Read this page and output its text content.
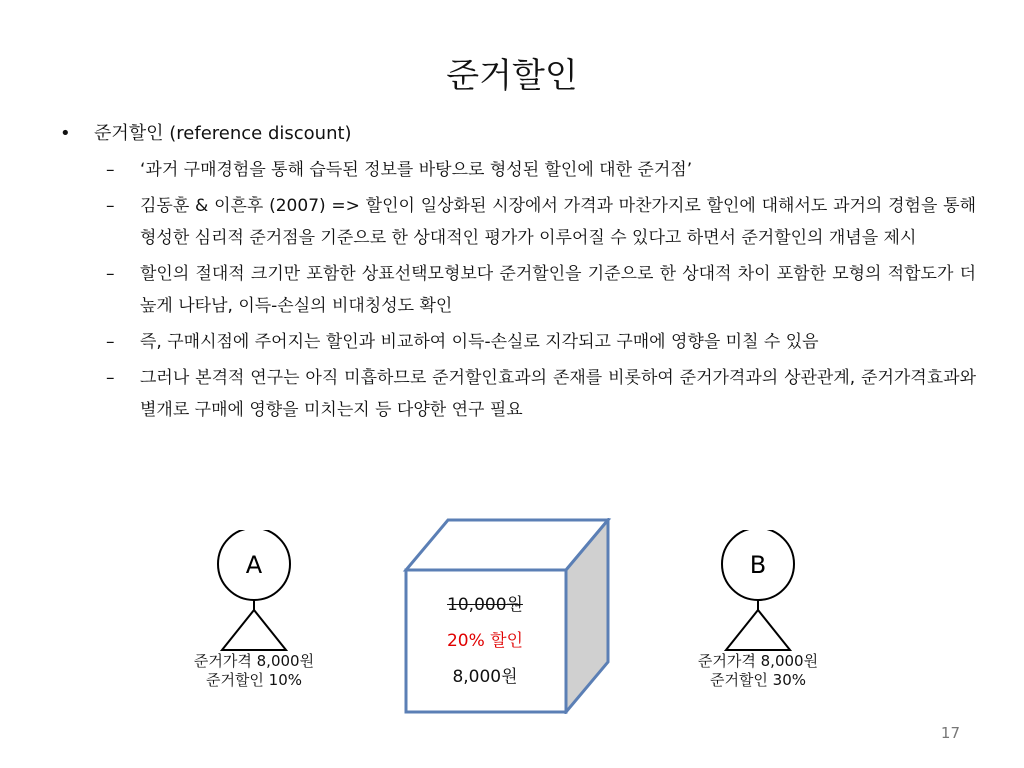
준거할인
• 준거할인 (reference discount)
– ‘과거 구매경험을 통해 습득된 정보를 바탕으로 형성된 할인에 대한 준거점’
– 김동훈 & 이흔후 (2007) => 할인이 일상화된 시장에서 가격과 마찬가지로 할인에 대해서도 과거의 경험을 통해 형성한 심리적 준거점을 기준으로 한 상대적인 평가가 이루어질 수 있다고 하면서 준거할인의 개념을 제시
– 할인의 절대적 크기만 포함한 상표선택모형보다 준거할인을 기준으로 한 상대적 차이 포함한 모형의 적합도가 더 높게 나타남, 이득-손실의 비대칭성도 확인
– 즉, 구매시점에 주어지는 할인과 비교하여 이득-손실로 지각되고 구매에 영향을 미칠 수 있음
– 그러나 본격적 연구는 아직 미흡하므로 준거할인효과의 존재를 비롯하여 준거가격과의 상관관계, 준거가격효과와 별개로 구매에 영향을 미치는지 등 다양한 연구 필요
A
준거가격 8,000원
준거할인 10%
10,000원
20% 할인
8,000원
B
준거가격 8,000원
준거할인 30%
17
